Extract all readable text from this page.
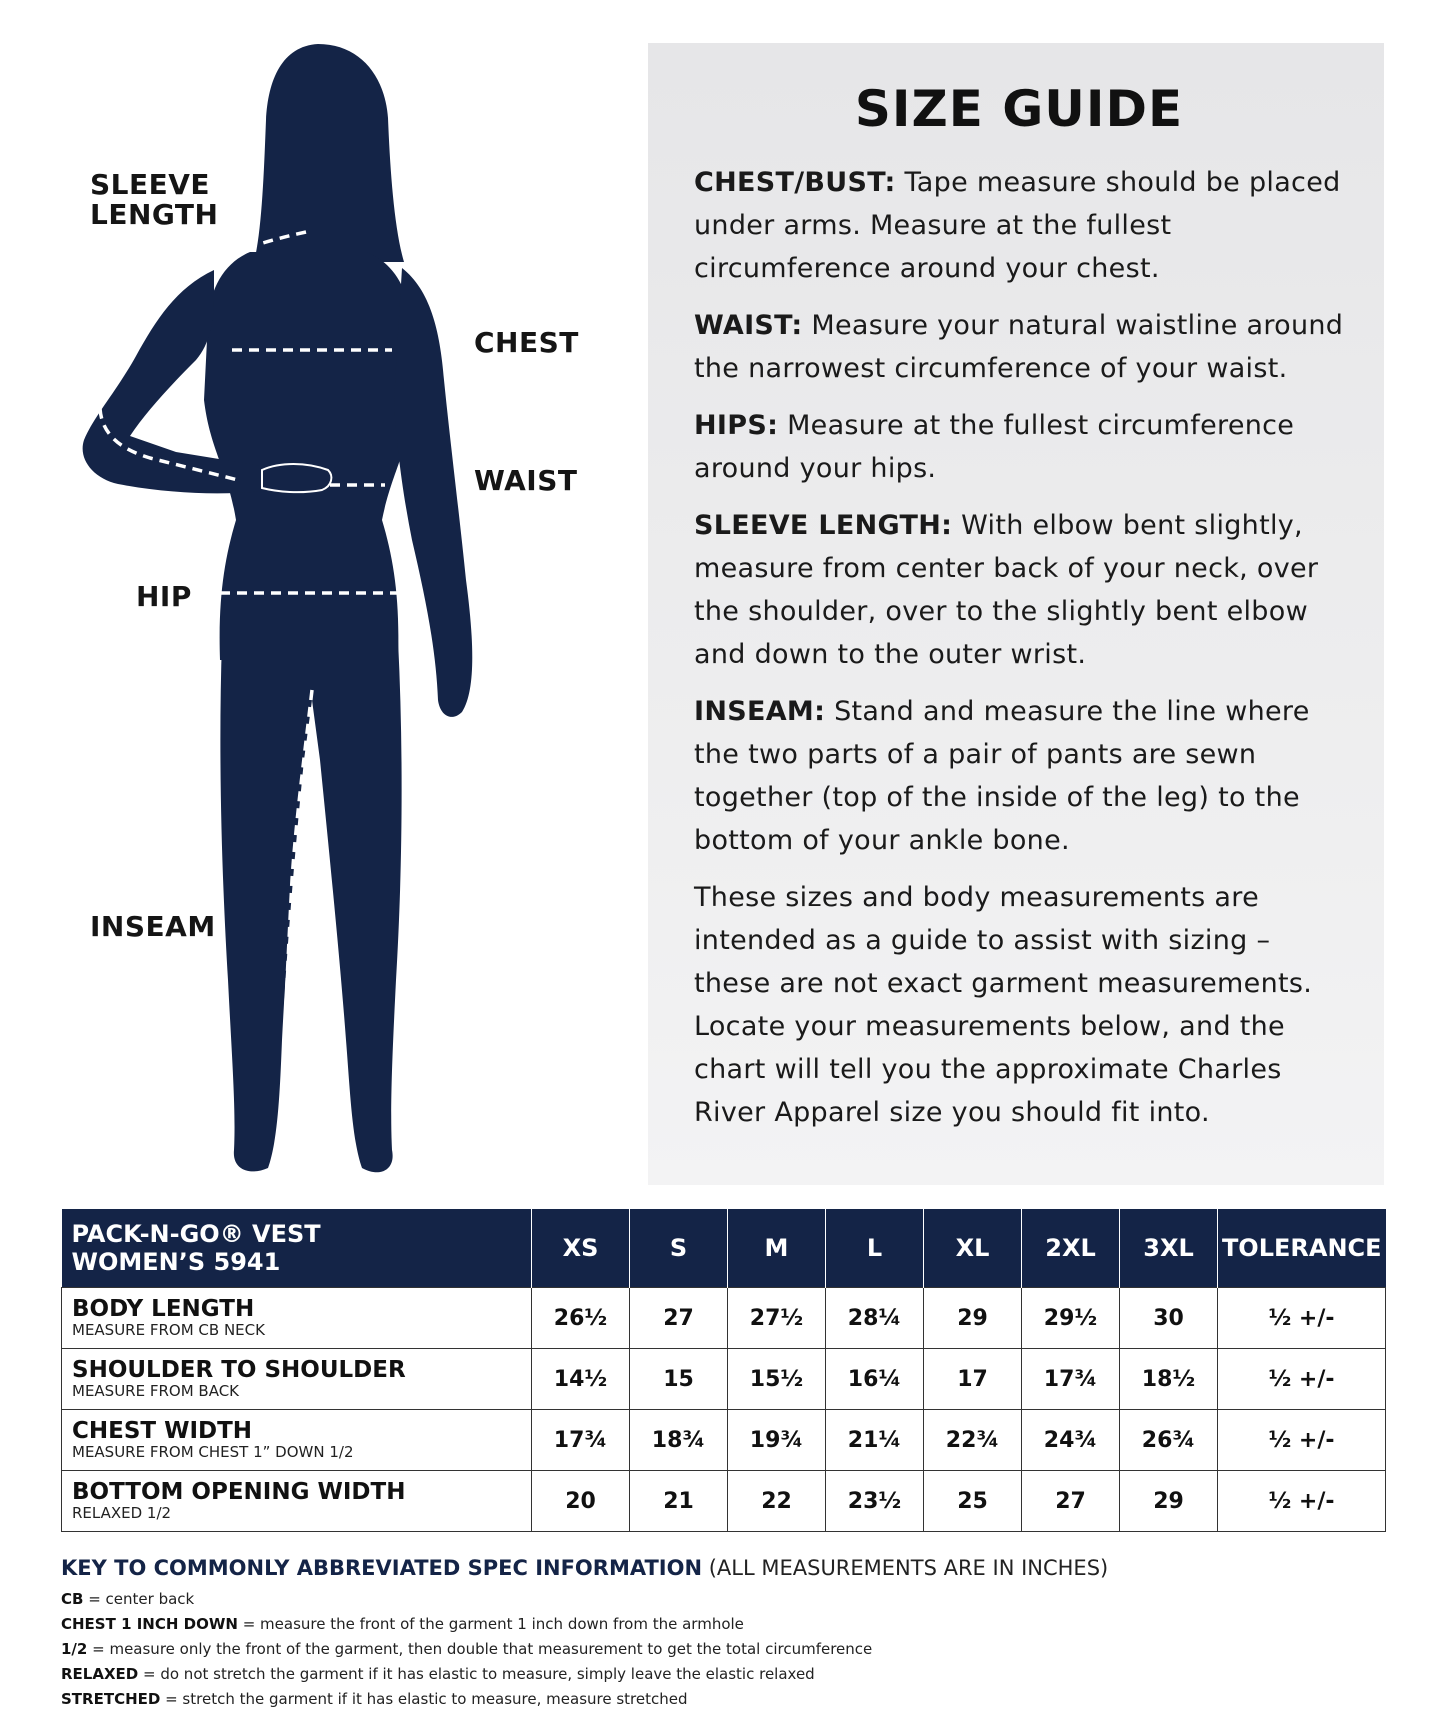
SLEEVE
LENGTH
CHEST
WAIST
HIP
INSEAM
SIZE GUIDE

CHEST/BUST: Tape measure should be placed under arms. Measure at the fullest circumference around your chest.

WAIST: Measure your natural waistline around the narrowest circumference of your waist.

HIPS: Measure at the fullest circumference around your hips.

SLEEVE LENGTH: With elbow bent slightly, measure from center back of your neck, over the shoulder, over to the slightly bent elbow and down to the outer wrist.

INSEAM: Stand and measure the line where the two parts of a pair of pants are sewn together (top of the inside of the leg) to the bottom of your ankle bone.

These sizes and body measurements are intended as a guide to assist with sizing – these are not exact garment measurements. Locate your measurements below, and the chart will tell you the approximate Charles River Apparel size you should fit into.

PACK-N-GO® VEST
WOMEN’S 5941	XS	S	M	L	XL	2XL	3XL	TOLERANCE

BODY LENGTH
MEASURE FROM CB NECK	26½	27	27½	28¼	29	29½	30	½ +/-

SHOULDER TO SHOULDER
MEASURE FROM BACK	14½	15	15½	16¼	17	17¾	18½	½ +/-

CHEST WIDTH
MEASURE FROM CHEST 1” DOWN 1/2	17¾	18¾	19¾	21¼	22¾	24¾	26¾	½ +/-

BOTTOM OPENING WIDTH
RELAXED 1/2	20	21	22	23½	25	27	29	½ +/-
KEY TO COMMONLY ABBREVIATED SPEC INFORMATION (ALL MEASUREMENTS ARE IN INCHES)
CB = center back
CHEST 1 INCH DOWN = measure the front of the garment 1 inch down from the armhole
1/2 = measure only the front of the garment, then double that measurement to get the total circumference
RELAXED = do not stretch the garment if it has elastic to measure, simply leave the elastic relaxed
STRETCHED = stretch the garment if it has elastic to measure, measure stretched
